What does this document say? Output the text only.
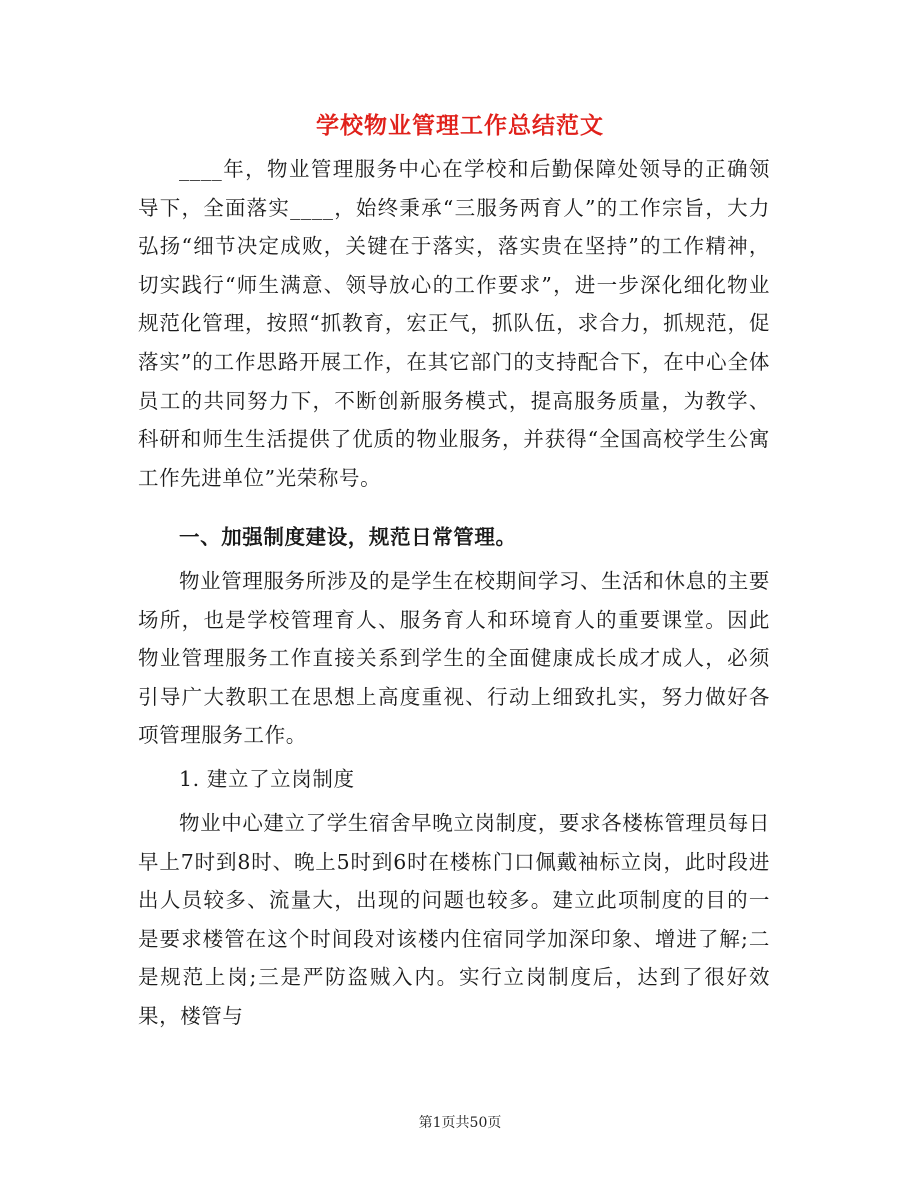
学校物业管理工作总结范文
____年，物业管理服务中心在学校和后勤保障处领导的正确领导下，全面落实____，始终秉承“三服务两育人”的工作宗旨，大力弘扬“细节决定成败，关键在于落实，落实贵在坚持”的工作精神，切实践行“师生满意、领导放心的工作要求”，进一步深化细化物业规范化管理，按照“抓教育，宏正气，抓队伍，求合力，抓规范，促落实”的工作思路开展工作，在其它部门的支持配合下，在中心全体员工的共同努力下，不断创新服务模式，提高服务质量，为教学、科研和师生生活提供了优质的物业服务，并获得“全国高校学生公寓工作先进单位”光荣称号。
一、加强制度建设，规范日常管理。
物业管理服务所涉及的是学生在校期间学习、生活和休息的主要场所，也是学校管理育人、服务育人和环境育人的重要课堂。因此物业管理服务工作直接关系到学生的全面健康成长成才成人，必须引导广大教职工在思想上高度重视、行动上细致扎实，努力做好各项管理服务工作。
1. 建立了立岗制度
物业中心建立了学生宿舍早晚立岗制度，要求各楼栋管理员每日早上7时到8时、晚上5时到6时在楼栋门口佩戴袖标立岗，此时段进出人员较多、流量大，出现的问题也较多。建立此项制度的目的一是要求楼管在这个时间段对该楼内住宿同学加深印象、增进了解;二是规范上岗;三是严防盗贼入内。实行立岗制度后，达到了很好效果，楼管与
第1页共50页
